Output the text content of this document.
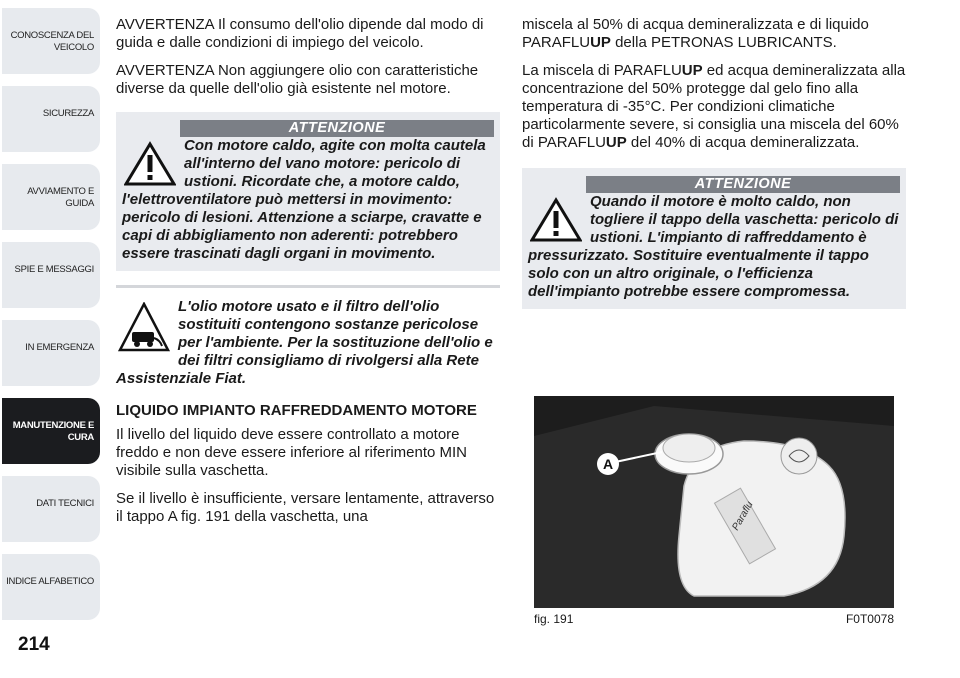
CONOSCENZA DEL VEICOLO
SICUREZZA
AVVIAMENTO E GUIDA
SPIE E MESSAGGI
IN EMERGENZA
MANUTENZIONE E CURA
DATI TECNICI
INDICE ALFABETICO
214

AVVERTENZA Il consumo dell'olio dipende dal modo di guida e dalle condizioni di impiego del veicolo.

AVVERTENZA Non aggiungere olio con caratteristiche diverse da quelle dell'olio già esistente nel motore.

ATTENZIONE
Con motore caldo, agite con molta cautela all'interno del vano motore: pericolo di ustioni. Ricordate che, a motore caldo, l'elettroventilatore può mettersi in movimento: pericolo di lesioni. Attenzione a sciarpe, cravatte e capi di abbigliamento non aderenti: potrebbero essere trascinati dagli organi in movimento.
L'olio motore usato e il filtro dell'olio sostituiti contengono sostanze pericolose per l'ambiente. Per la sostituzione dell'olio e dei filtri consigliamo di rivolgersi alla Rete Assistenziale Fiat.
LIQUIDO IMPIANTO RAFFREDDAMENTO MOTORE

Il livello del liquido deve essere controllato a motore freddo e non deve essere inferiore al riferimento MIN visibile sulla vaschetta.

Se il livello è insufficiente, versare lentamente, attraverso il tappo A fig. 191 della vaschetta, una

miscela al 50% di acqua demineralizzata e di liquido PARAFLUUP della PETRONAS LUBRICANTS.

La miscela di PARAFLUUP ed acqua demineralizzata alla concentrazione del 50% protegge dal gelo fino alla temperatura di -35°C. Per condizioni climatiche particolarmente severe, si consiglia una miscela del 60% di PARAFLUUP del 40% di acqua demineralizzata.

ATTENZIONE
Quando il motore è molto caldo, non togliere il tappo della vaschetta: pericolo di ustioni. L'impianto di raffreddamento è pressurizzato. Sostituire eventualmente il tappo solo con un altro originale, o l'efficienza dell'impianto potrebbe essere compromessa.
Paraflu
A
fig. 191	F0T0078
